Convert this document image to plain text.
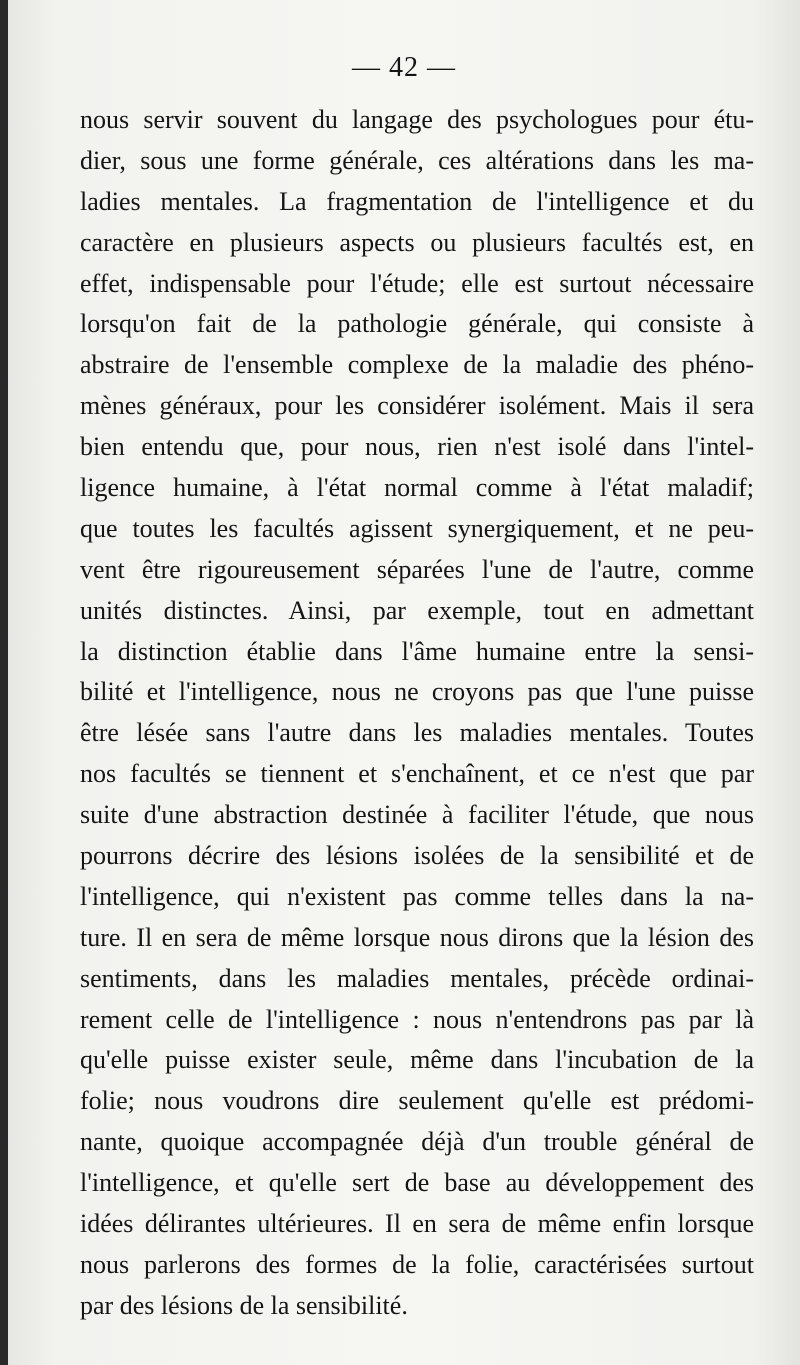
— 42 —
nous servir souvent du langage des psychologues pour étu-
dier, sous une forme générale, ces altérations dans les ma-
ladies mentales. La fragmentation de l'intelligence et du
caractère en plusieurs aspects ou plusieurs facultés est, en
effet, indispensable pour l'étude; elle est surtout nécessaire
lorsqu'on fait de la pathologie générale, qui consiste à
abstraire de l'ensemble complexe de la maladie des phéno-
mènes généraux, pour les considérer isolément. Mais il sera
bien entendu que, pour nous, rien n'est isolé dans l'intel-
ligence humaine, à l'état normal comme à l'état maladif;
que toutes les facultés agissent synergiquement, et ne peu-
vent être rigoureusement séparées l'une de l'autre, comme
unités distinctes. Ainsi, par exemple, tout en admettant
la distinction établie dans l'âme humaine entre la sensi-
bilité et l'intelligence, nous ne croyons pas que l'une puisse
être lésée sans l'autre dans les maladies mentales. Toutes
nos facultés se tiennent et s'enchaînent, et ce n'est que par
suite d'une abstraction destinée à faciliter l'étude, que nous
pourrons décrire des lésions isolées de la sensibilité et de
l'intelligence, qui n'existent pas comme telles dans la na-
ture. Il en sera de même lorsque nous dirons que la lésion des
sentiments, dans les maladies mentales, précède ordinai-
rement celle de l'intelligence : nous n'entendrons pas par là
qu'elle puisse exister seule, même dans l'incubation de la
folie; nous voudrons dire seulement qu'elle est prédomi-
nante, quoique accompagnée déjà d'un trouble général de
l'intelligence, et qu'elle sert de base au développement des
idées délirantes ultérieures. Il en sera de même enfin lorsque
nous parlerons des formes de la folie, caractérisées surtout
par des lésions de la sensibilité.
